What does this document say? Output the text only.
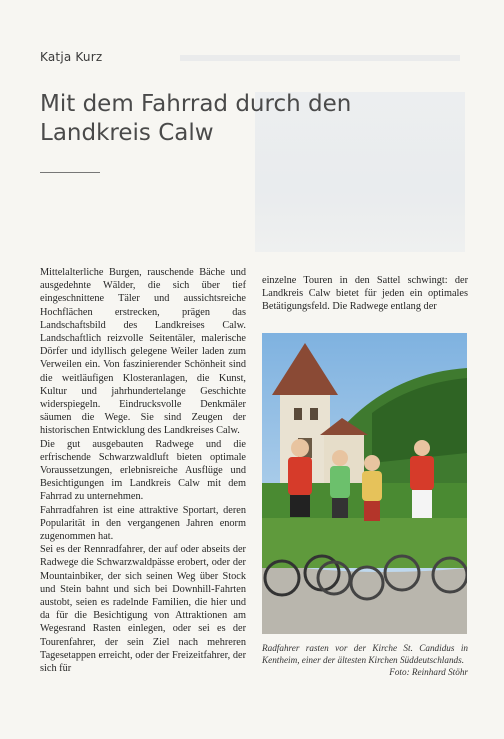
Katja Kurz
Mit dem Fahrrad durch den Landkreis Calw

Mittelalterliche Burgen, rauschende Bäche und ausgedehnte Wälder, die sich über tief eingeschnittene Täler und aussichtsreiche Hochflächen erstrecken, prägen das Landschaftsbild des Landkreises Calw. Landschaftlich reizvolle Seitentäler, malerische Dörfer und idyllisch gelegene Weiler laden zum Verweilen ein. Von faszinierender Schönheit sind die weitläufigen Klosteranlagen, die Kunst, Kultur und jahrhundertelange Geschichte widerspiegeln. Eindrucksvolle Denkmäler säumen die Wege. Sie sind Zeugen der historischen Entwicklung des Landkreises Calw.

Die gut ausgebauten Radwege und die erfrischende Schwarzwaldluft bieten optimale Voraussetzungen, erlebnisreiche Ausflüge und Besichtigungen im Landkreis Calw mit dem Fahrrad zu unternehmen.

Fahrradfahren ist eine attraktive Sportart, deren Popularität in den vergangenen Jahren enorm zugenommen hat.

Sei es der Rennradfahrer, der auf oder abseits der Radwege die Schwarzwaldpässe erobert, oder der Mountainbiker, der sich seinen Weg über Stock und Stein bahnt und sich bei Downhill-Fahrten austobt, seien es radelnde Familien, die hier und da für die Besichtigung von Attraktionen am Wegesrand Rasten einlegen, oder sei es der Tourenfahrer, der sein Ziel nach mehreren Tagesetappen erreicht, oder der Freizeitfahrer, der sich für

einzelne Touren in den Sattel schwingt: der Landkreis Calw bietet für jeden ein optimales Betätigungsfeld. Die Radwege entlang der

Radfahrer rasten vor der Kirche St. Candidus in Kentheim, einer der ältesten Kirchen Süddeutschlands.
Foto: Reinhard Stöhr
